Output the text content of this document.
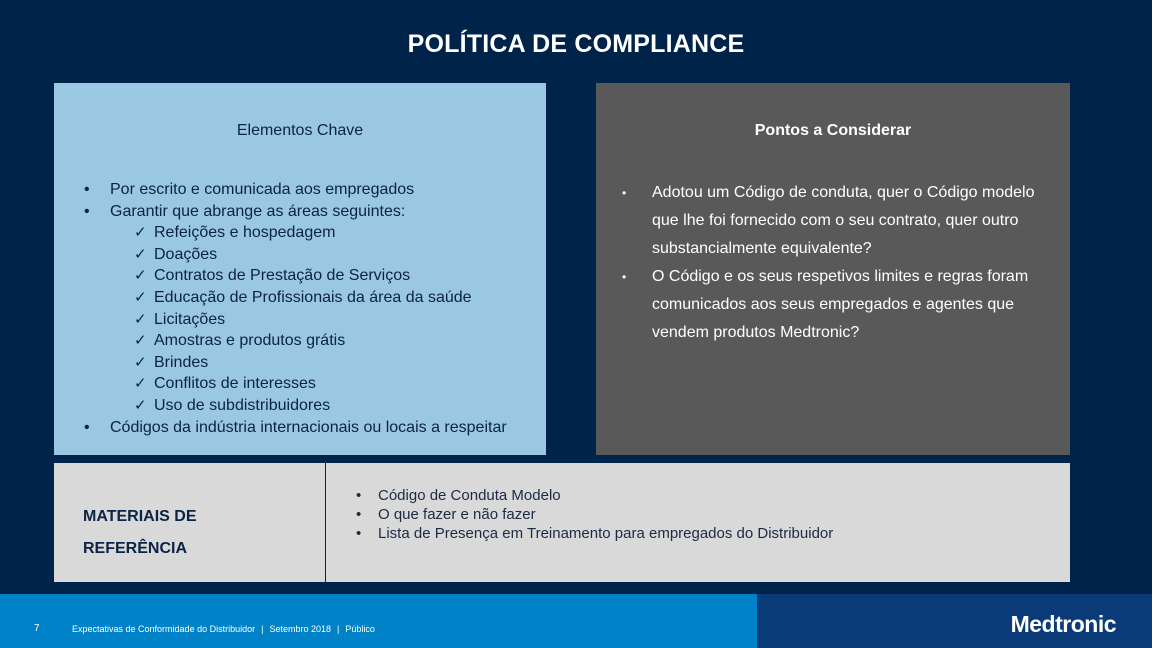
POLÍTICA DE COMPLIANCE
Elementos Chave
• Por escrito e comunicada aos empregados
• Garantir que abrange as áreas seguintes:
✓ Refeições e hospedagem
✓ Doações
✓ Contratos de Prestação de Serviços
✓ Educação de Profissionais da área da saúde
✓ Licitações
✓ Amostras e produtos grátis
✓ Brindes
✓ Conflitos de interesses
✓ Uso de subdistribuidores
• Códigos da indústria internacionais ou locais a respeitar
Pontos a Considerar
• Adotou um Código de conduta, quer o Código modelo que lhe foi fornecido com o seu contrato, quer outro substancialmente equivalente?
• O Código e os seus respetivos limites e regras foram comunicados aos seus empregados e agentes que vendem produtos Medtronic?
MATERIAIS DE
REFERÊNCIA
• Código de Conduta Modelo
• O que fazer e não fazer
• Lista de Presença em Treinamento para empregados do Distribuidor
7	Expectativas de Conformidade do Distribuidor | Setembro 2018 | Público	Medtronic
